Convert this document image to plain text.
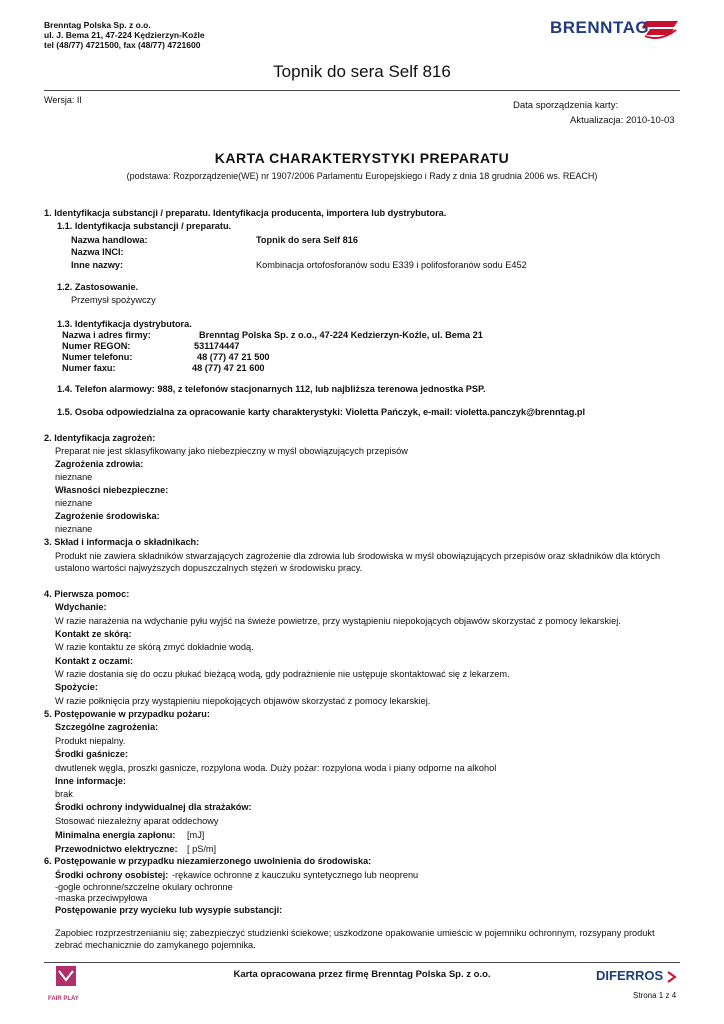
Brenntag Polska Sp. z o.o.
ul. J. Bema 21, 47-224 Kędzierzyn-Koźle
tel (48/77) 4721500, fax (48/77) 4721600
BRENNTAG
Topnik do sera Self 816
Wersja: II	Data sporządzenia karty:
Aktualizacja: 2010-10-03
KARTA CHARAKTERYSTYKI PREPARATU
(podstawa: Rozporządzenie(WE) nr 1907/2006 Parlamentu Europejskiego i Rady z dnia 18 grudnia 2006 ws. REACH)
1. Identyfikacja substancji / preparatu. Identyfikacja producenta, importera lub dystrybutora.
1.1. Identyfikacja substancji / preparatu.
Nazwa handlowa:	Topnik do sera Self 816
Nazwa INCI:
Inne nazwy:	Kombinacja ortofosforanów sodu E339 i polifosforanów sodu E452
1.2. Zastosowanie.
Przemysł spożywczy
1.3. Identyfikacja dystrybutora.
Nazwa i adres firmy:	Brenntag Polska Sp. z o.o., 47-224 Kedzierzyn-Koźle, ul. Bema 21
Numer REGON:	531174447
Numer telefonu:	48 (77) 47 21 500
Numer faxu:	48 (77) 47 21 600
1.4. Telefon alarmowy: 988, z telefonów stacjonarnych 112, lub najbliższa terenowa jednostka PSP.
1.5. Osoba odpowiedzialna za opracowanie karty charakterystyki: Violetta Pańczyk, e-mail: violetta.panczyk@brenntag.pl
2. Identyfikacja zagrożeń:
Preparat nie jest sklasyfikowany jako niebezpieczny w myśl obowiązujących przepisów
Zagrożenia zdrowia:
nieznane
Własności niebezpieczne:
nieznane
Zagrożenie środowiska:
nieznane
3. Skład i informacja o składnikach:
Produkt nie zawiera składników stwarzających zagrożenie dla zdrowia lub środowiska w myśl obowiązujących przepisów oraz składników dla których ustalono wartości najwyższych dopuszczalnych stężeń w środowisku pracy.
4. Pierwsza pomoc:
Wdychanie:
W razie narażenia na wdychanie pyłu wyjść na świeże powietrze, przy wystąpieniu niepokojących objawów skorzystać z pomocy lekarskiej.
Kontakt ze skórą:
W razie kontaktu ze skórą zmyć dokładnie wodą.
Kontakt z oczami:
W razie dostania się do oczu płukać bieżącą wodą, gdy podrażnienie nie ustępuje skontaktować się z lekarzem.
Spożycie:
W razie połknięcia przy wystąpieniu niepokojących objawów skorzystać z pomocy lekarskiej.
5. Postępowanie w przypadku pożaru:
Szczególne zagrożenia:
Produkt niepalny.
Środki gaśnicze:
dwutlenek węgla, proszki gasnicze, rozpylona woda. Duży pożar: rozpylona woda i piany odporne na alkohol
Inne informacje:
brak
Środki ochrony indywidualnej dla strażaków:
Stosować niezależny aparat oddechowy
Minimalna energia zapłonu: [mJ]
Przewodnictwo elektryczne: [ pS/m]
6. Postępowanie w przypadku niezamierzonego uwolnienia do środowiska:
Środki ochrony osobistej: -rękawice ochronne z kauczuku syntetycznego lub neoprenu
-gogle ochronne/szczelne okulary ochronne
-maska przeciwpyłowa
Postępowanie przy wycieku lub wysypie substancji:
Zapobiec rozprzestrzenianiu się; zabezpieczyć studzienki ściekowe; uszkodzone opakowanie umieścic w pojemniku ochronnym, rozsypany produkt zebrać mechanicznie do zamykanego pojemnika.
FAIR PLAY
Karta opracowana przez firmę Brenntag Polska Sp. z o.o.	DIFERROS
Strona 1 z 4
